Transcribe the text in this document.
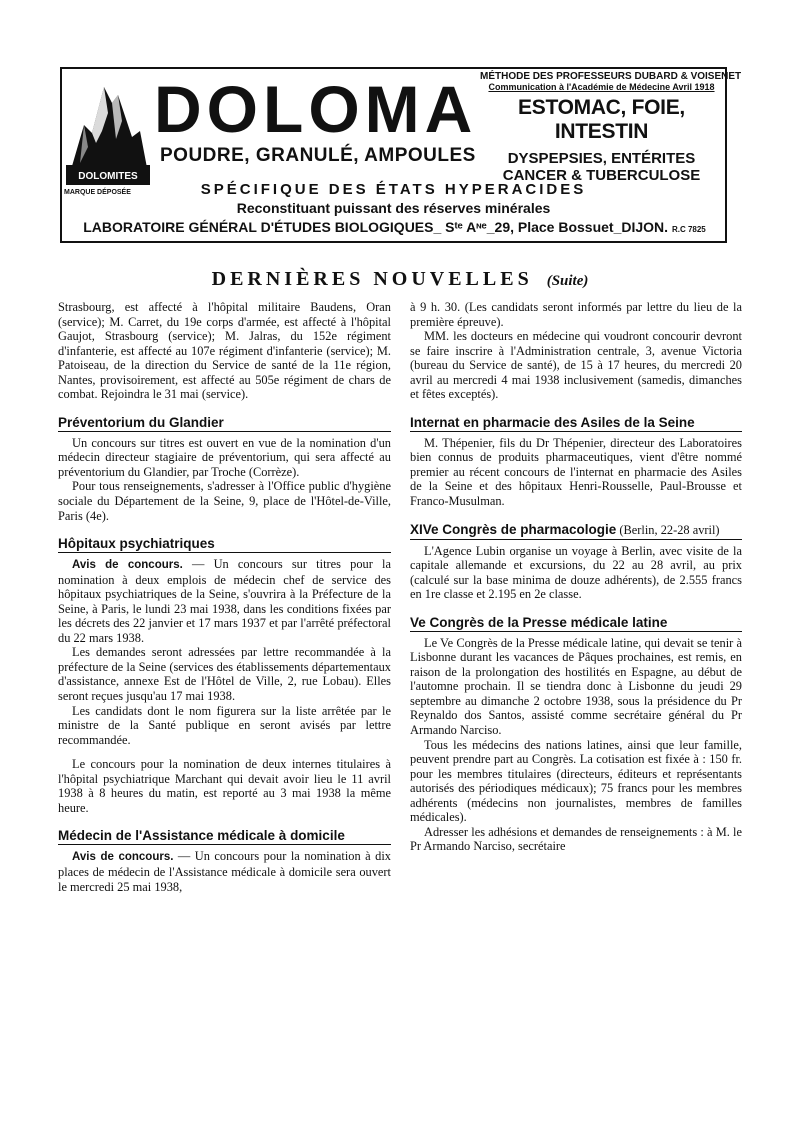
DOLOMITES
MARQUE DÉPOSÉE
DOLOMA
POUDRE, GRANULÉ, AMPOULES
MÉTHODE DES PROFESSEURS DUBARD & VOISENET
Communication à l'Académie de Médecine Avril 1918
ESTOMAC, FOIE, INTESTIN
DYSPEPSIES, ENTÉRITES
CANCER & TUBERCULOSE
SPÉCIFIQUE DES ÉTATS HYPERACIDES
Reconstituant puissant des réserves minérales
LABORATOIRE GÉNÉRAL D'ÉTUDES BIOLOGIQUES_ Sᵗᵉ Aᶰᵉ_29, Place Bossuet_DIJON. R.C 7825
DERNIÈRES NOUVELLES (Suite)

Strasbourg, est affecté à l'hôpital militaire Baudens, Oran (service); M. Carret, du 19e corps d'armée, est affecté à l'hôpital Gaujot, Strasbourg (service); M. Jalras, du 152e régiment d'infanterie, est affecté au 107e régiment d'infanterie (service); M. Patoiseau, de la direction du Service de santé de la 11e région, Nantes, provisoirement, est affecté au 505e régiment de chars de combat. Rejoindra le 31 mai (service).

Préventorium du Glandier

Un concours sur titres est ouvert en vue de la nomination d'un médecin directeur stagiaire de préventorium, qui sera affecté au préventorium du Glandier, par Troche (Corrèze).

Pour tous renseignements, s'adresser à l'Office public d'hygiène sociale du Département de la Seine, 9, place de l'Hôtel-de-Ville, Paris (4e).

Hôpitaux psychiatriques

Avis de concours. — Un concours sur titres pour la nomination à deux emplois de médecin chef de service des hôpitaux psychiatriques de la Seine, s'ouvrira à la Préfecture de la Seine, à Paris, le lundi 23 mai 1938, dans les conditions fixées par les décrets des 22 janvier et 17 mars 1937 et par l'arrêté préfectoral du 22 mars 1938.

Les demandes seront adressées par lettre recommandée à la préfecture de la Seine (services des établissements départementaux d'assistance, annexe Est de l'Hôtel de Ville, 2, rue Lobau). Elles seront reçues jusqu'au 17 mai 1938.

Les candidats dont le nom figurera sur la liste arrêtée par le ministre de la Santé publique en seront avisés par lettre recommandée.

Le concours pour la nomination de deux internes titulaires à l'hôpital psychiatrique Marchant qui devait avoir lieu le 11 avril 1938 à 8 heures du matin, est reporté au 3 mai 1938 la même heure.

Médecin de l'Assistance médicale à domicile

Avis de concours. — Un concours pour la nomination à dix places de médecin de l'Assistance médicale à domicile sera ouvert le mercredi 25 mai 1938,

à 9 h. 30. (Les candidats seront informés par lettre du lieu de la première épreuve).

MM. les docteurs en médecine qui voudront concourir devront se faire inscrire à l'Administration centrale, 3, avenue Victoria (bureau du Service de santé), de 15 à 17 heures, du mercredi 20 avril au mercredi 4 mai 1938 inclusivement (samedis, dimanches et fêtes exceptés).

Internat en pharmacie des Asiles de la Seine

M. Thépenier, fils du Dr Thépenier, directeur des Laboratoires bien connus de produits pharmaceutiques, vient d'être nommé premier au récent concours de l'internat en pharmacie des Asiles de la Seine et des hôpitaux Henri-Rousselle, Paul-Brousse et Franco-Musulman.

XIVe Congrès de pharmacologie (Berlin, 22-28 avril)

L'Agence Lubin organise un voyage à Berlin, avec visite de la capitale allemande et excursions, du 22 au 28 avril, au prix (calculé sur la base minima de douze adhérents), de 2.555 francs en 1re classe et 2.195 en 2e classe.

Ve Congrès de la Presse médicale latine

Le Ve Congrès de la Presse médicale latine, qui devait se tenir à Lisbonne durant les vacances de Pâques prochaines, est remis, en raison de la prolongation des hostilités en Espagne, au début de l'automne prochain. Il se tiendra donc à Lisbonne du jeudi 29 septembre au dimanche 2 octobre 1938, sous la présidence du Pr Reynaldo dos Santos, assisté comme secrétaire général du Pr Armando Narciso.

Tous les médecins des nations latines, ainsi que leur famille, peuvent prendre part au Congrès. La cotisation est fixée à : 150 fr. pour les membres titulaires (directeurs, éditeurs et représentants autorisés des périodiques médicaux); 75 francs pour les membres adhérents (médecins non journalistes, membres de familles médicales).

Adresser les adhésions et demandes de renseignements : à M. le Pr Armando Narciso, secrétaire
